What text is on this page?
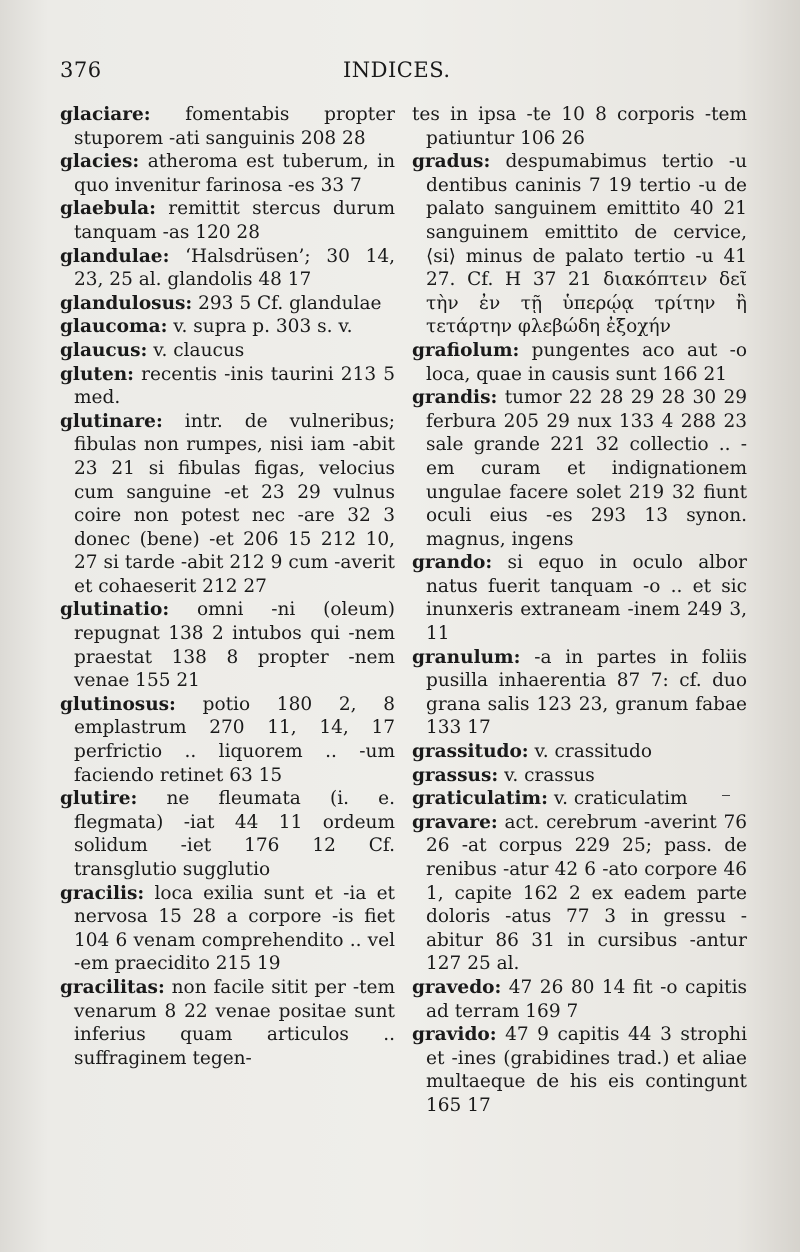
376	INDICES.

glaciare: fomentabis propter stuporem -ati sanguinis 208 28

glacies: atheroma est tuberum, in quo invenitur farinosa -es 33 7

glaebula: remittit stercus durum tanquam -as 120 28

glandulae: ‘Halsdrüsen’; 30 14, 23, 25 al. glandolis 48 17

glandulosus: 293 5 Cf. glandulae

glaucoma: v. supra p. 303 s. v.

glaucus: v. claucus

gluten: recentis -inis taurini 213 5 med.

glutinare: intr. de vulneribus; fibulas non rumpes, nisi iam -abit 23 21 si fibulas figas, velocius cum sanguine -et 23 29 vulnus coire non potest nec -are 32 3 donec (bene) -et 206 15 212 10, 27 si tarde -abit 212 9 cum -averit et cohaeserit 212 27

glutinatio: omni -ni (oleum) repugnat 138 2 intubos qui -nem praestat 138 8 propter -nem venae 155 21

glutinosus: potio 180 2, 8 emplastrum 270 11, 14, 17 perfrictio .. liquorem .. -um faciendo retinet 63 15

glutire: ne fleumata (i. e. flegmata) -iat 44 11 ordeum solidum -iet 176 12 Cf. transglutio sugglutio

gracilis: loca exilia sunt et -ia et nervosa 15 28 a corpore -is fiet 104 6 venam comprehendito .. vel -em praecidito 215 19

gracilitas: non facile sitit per -tem venarum 8 22 venae positae sunt inferius quam articulos .. suffraginem tegen-

tes in ipsa -te 10 8 corporis -tem patiuntur 106 26

gradus: despumabimus tertio -u dentibus caninis 7 19 tertio -u de palato sanguinem emittito 40 21 sanguinem emittito de cervice, ⟨si⟩ minus de palato tertio -u 41 27. Cf. H 37 21 διακόπτειν δεῖ τὴν ἐν τῇ ὑπερῴᾳ τρίτην ἢ τετάρτην φλεβώδη ἐξοχήν

grafiolum: pungentes aco aut -o loca, quae in causis sunt 166 21

grandis: tumor 22 28 29 28 30 29 ferbura 205 29 nux 133 4 288 23 sale grande 221 32 collectio .. -em curam et indignationem ungulae facere solet 219 32 fiunt oculi eius -es 293 13 synon. magnus, ingens

grando: si equo in oculo albor natus fuerit tanquam -o .. et sic inunxeris extraneam -inem 249 3, 11

granulum: -a in partes in foliis pusilla inhaerentia 87 7: cf. duo grana salis 123 23, granum fabae 133 17

grassitudo: v. crassitudo

grassus: v. crassus

graticulatim: v. craticulatim

gravare: act. cerebrum -averint 76 26 -at corpus 229 25; pass. de renibus -atur 42 6 -ato corpore 46 1, capite 162 2 ex eadem parte doloris -atus 77 3 in gressu -abitur 86 31 in cursibus -antur 127 25 al.

gravedo: 47 26 80 14 fit -o capitis ad terram 169 7

gravido: 47 9 capitis 44 3 strophi et -ines (grabidines trad.) et aliae multaeque de his eis contingunt 165 17
